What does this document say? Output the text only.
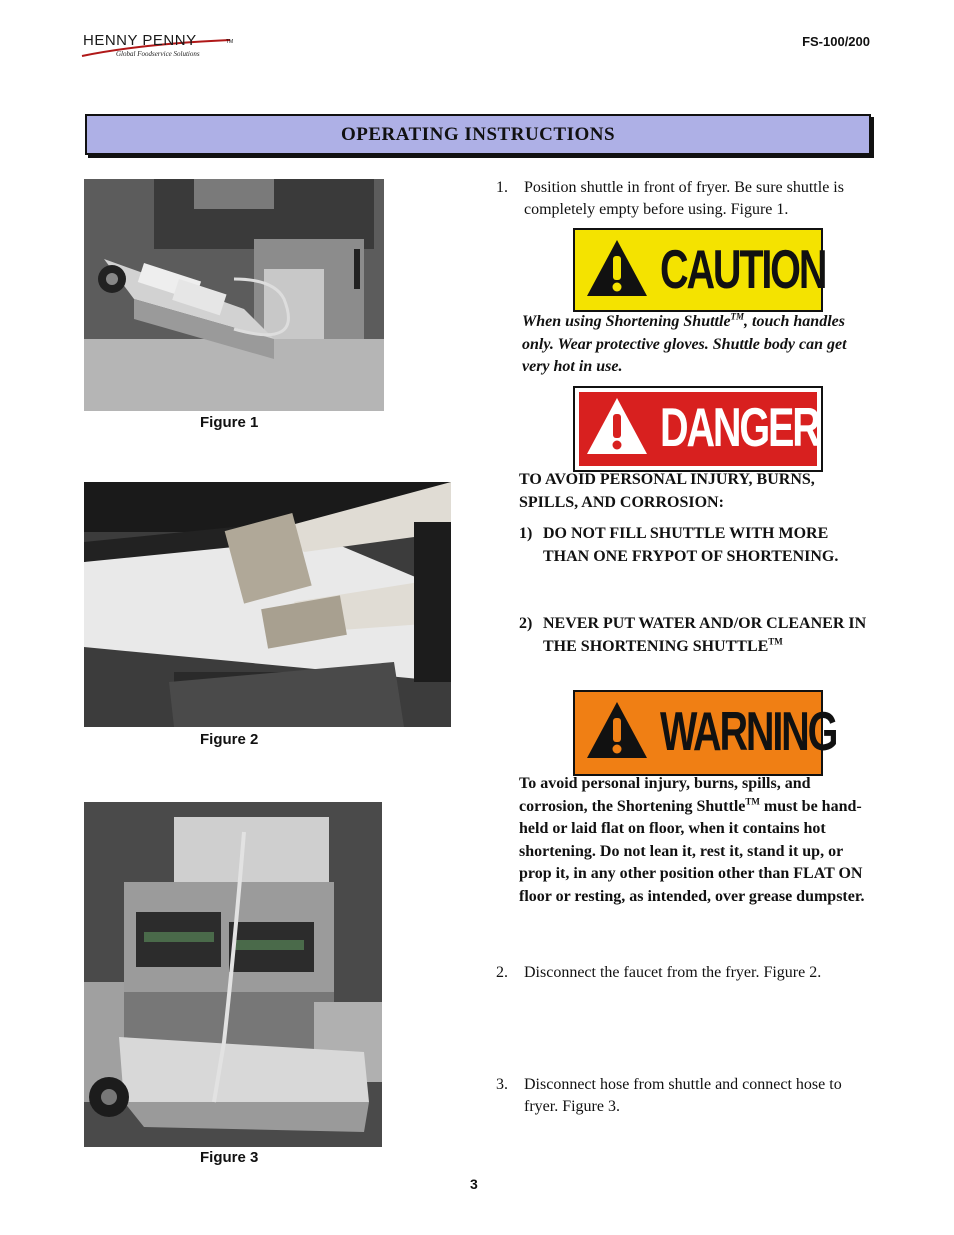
HENNY PENNY	TM
Global Foodservice Solutions
FS-100/200
OPERATING INSTRUCTIONS
Figure 1
Figure 2
Figure 3
1. Position shuttle in front of fryer. Be sure shuttle is completely empty before using. Figure 1.
CAUTION
When using Shortening Shuttle™, touch handles only. Wear protective gloves. Shuttle body can get very hot in use.
DANGER
TO AVOID PERSONAL INJURY, BURNS, SPILLS, AND CORROSION:
1) DO NOT FILL SHUTTLE WITH MORE THAN ONE FRYPOT OF SHORTENING.
2) NEVER PUT WATER AND/OR CLEANER IN THE SHORTENING SHUTTLE™
WARNING
To avoid personal injury, burns, spills, and corrosion, the Shortening Shuttle™ must be hand-held or laid flat on floor, when it contains hot shortening. Do not lean it, rest it, stand it up, or prop it, in any other position other than FLAT ON floor or resting, as intended, over grease dumpster.
2. Disconnect the faucet from the fryer. Figure 2.
3. Disconnect hose from shuttle and connect hose to fryer. Figure 3.
3
